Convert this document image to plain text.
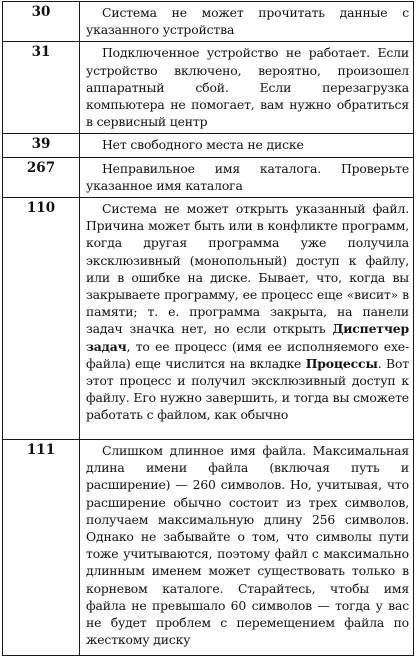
30	Система не может прочитать данные с указанного устройства

31	Подключенное устройство не работает. Если устройство включено, вероятно, произошел аппаратный сбой. Если перезагрузка компьютера не помогает, вам нужно обратиться в сервисный центр

39	Нет свободного места не диске

267	Неправильное имя каталога. Проверьте указанное имя каталога

110	Система не может открыть указанный файл. Причина может быть или в конфликте программ, когда другая программа уже получила эксклюзивный (монопольный) доступ к файлу, или в ошибке на диске. Бывает, что, когда вы закрываете программу, ее процесс еще «висит» в памяти; т. е. программа закрыта, на панели задач значка нет, но если открыть Диспетчер задач, то ее процесс (имя ее исполняемого exe-файла) еще числится на вкладке Процессы. Вот этот процесс и получил эксклюзивный доступ к файлу. Его нужно завершить, и тогда вы сможете работать с файлом, как обычно

111	Слишком длинное имя файла. Максимальная длина имени файла (включая путь и расширение) — 260 символов. Но, учитывая, что расширение обычно состоит из трех символов, получаем максимальную длину 256 символов. Однако не забывайте о том, что символы пути тоже учитываются, поэтому файл с максимально длинным именем может существовать только в корневом каталоге. Старайтесь, чтобы имя файла не превышало 60 символов — тогда у вас не будет проблем с перемещением файла по жесткому диску
